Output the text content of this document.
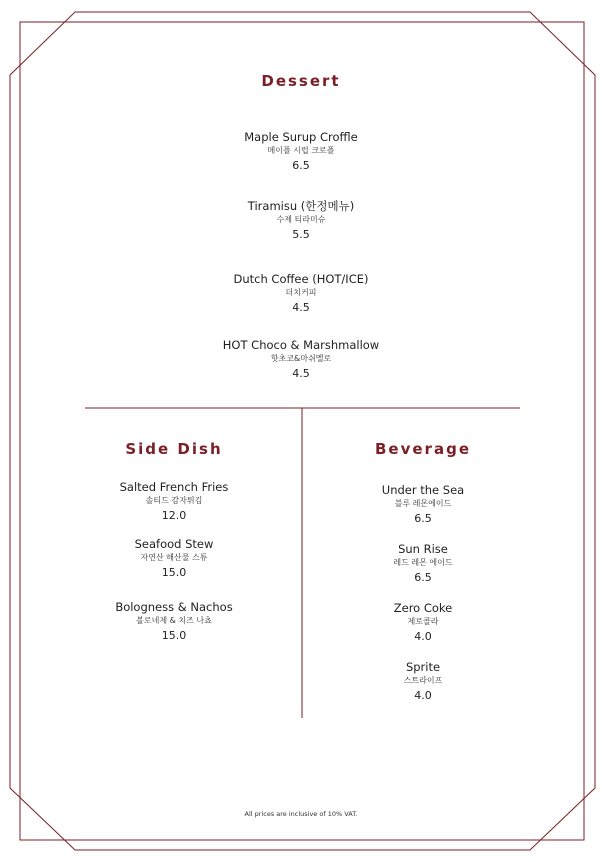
Dessert
Maple Surup Croffle
메이플 시럽 크로플
6.5
Tiramisu (한정메뉴)
수제 티라미슈
5.5
Dutch Coffee (HOT/ICE)
더치커피
4.5
HOT Choco & Marshmallow
핫초코&마쉬멜로
4.5
Side Dish
Salted French Fries
솔티드 감자튀김
12.0
Seafood Stew
자연산 해산물 스튜
15.0
Bologness & Nachos
볼로네제 & 치즈 나쵸
15.0
Beverage
Under the Sea
블루 레몬에이드
6.5
Sun Rise
레드 레몬 에이드
6.5
Zero Coke
제로콜라
4.0
Sprite
스트라이프
4.0
All prices are inclusive of 10% VAT.
